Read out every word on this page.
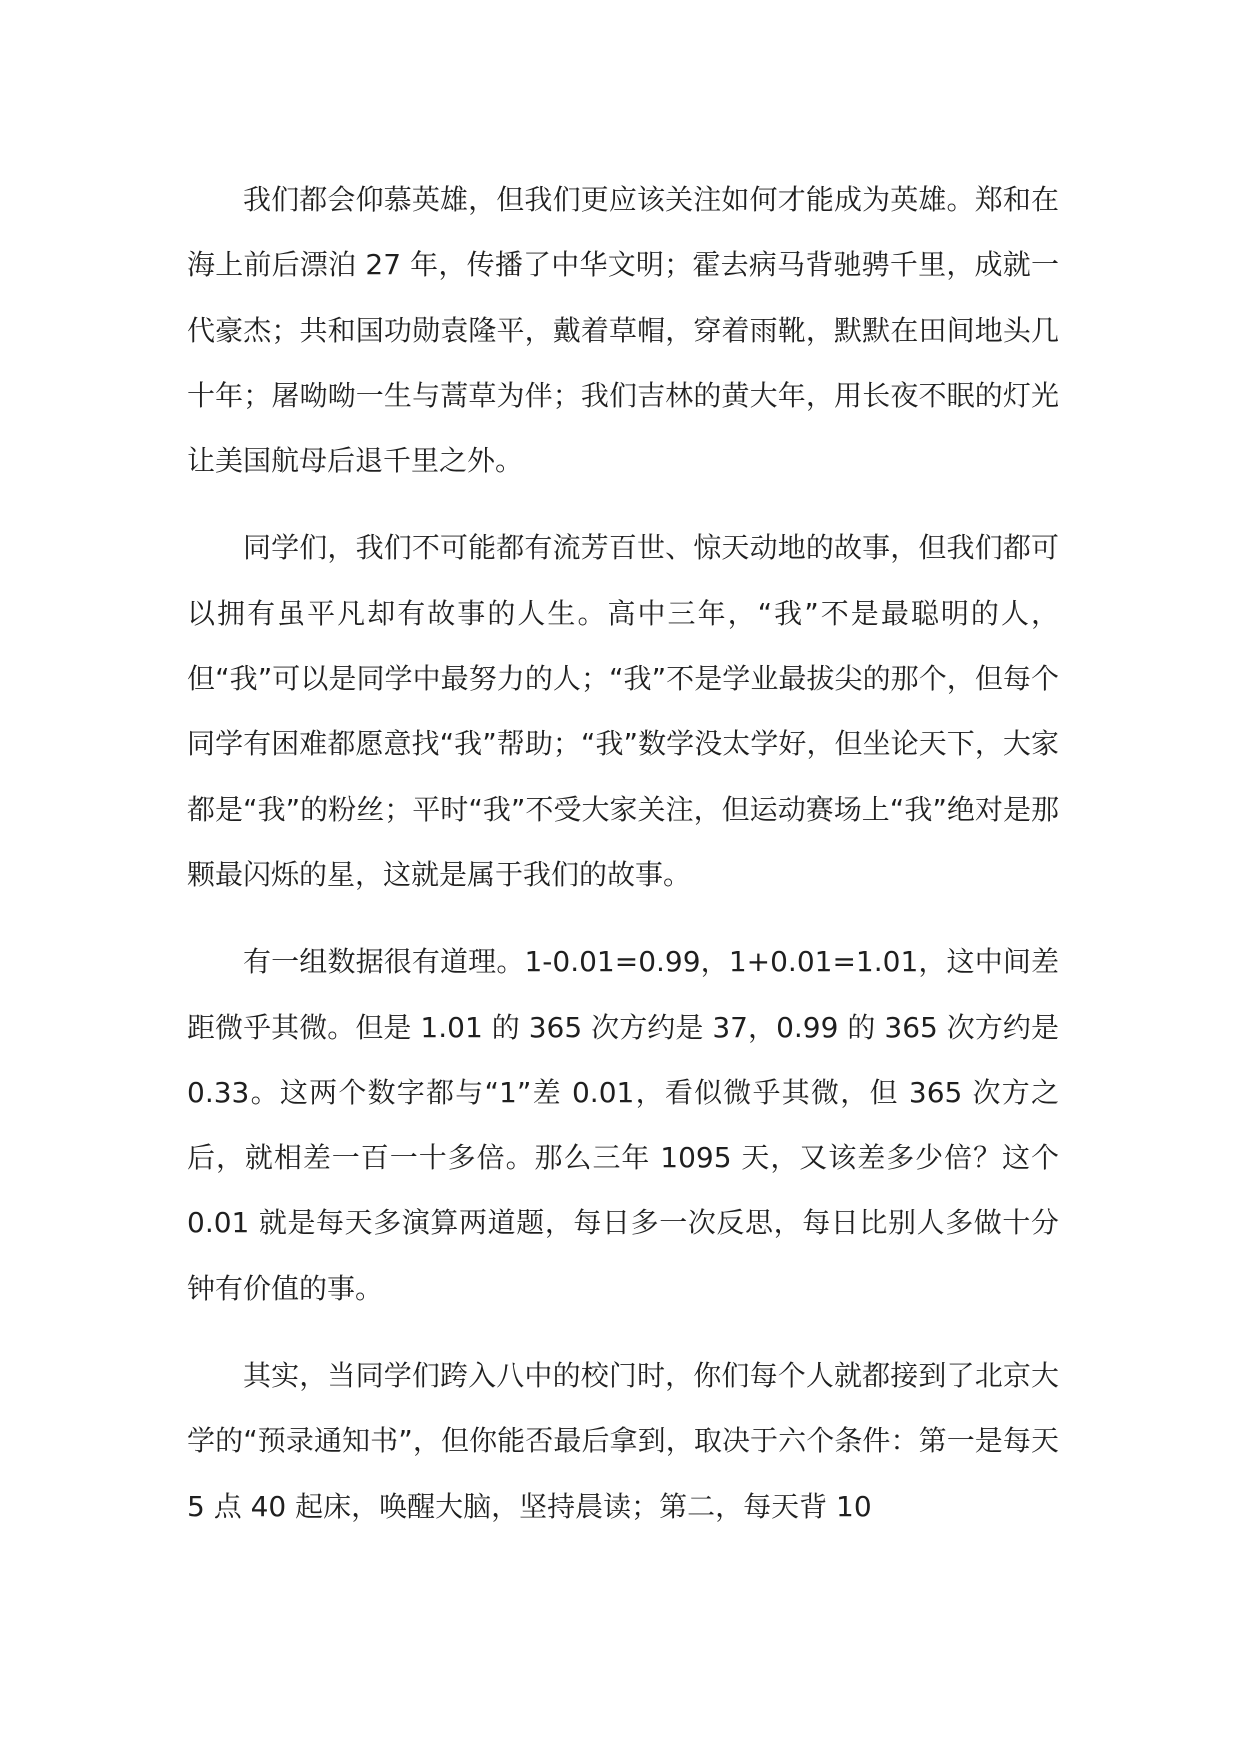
我们都会仰慕英雄，但我们更应该关注如何才能成为英雄。郑和在海上前后漂泊 27 年，传播了中华文明；霍去病马背驰骋千里，成就一代豪杰；共和国功勋袁隆平，戴着草帽，穿着雨靴，默默在田间地头几十年；屠呦呦一生与蒿草为伴；我们吉林的黄大年，用长夜不眠的灯光让美国航母后退千里之外。

同学们，我们不可能都有流芳百世、惊天动地的故事，但我们都可以拥有虽平凡却有故事的人生。高中三年，“我”不是最聪明的人，但“我”可以是同学中最努力的人；“我”不是学业最拔尖的那个，但每个同学有困难都愿意找“我”帮助；“我”数学没太学好，但坐论天下，大家都是“我”的粉丝；平时“我”不受大家关注，但运动赛场上“我”绝对是那颗最闪烁的星，这就是属于我们的故事。

有一组数据很有道理。1-0.01=0.99，1+0.01=1.01，这中间差距微乎其微。但是 1.01 的 365 次方约是 37，0.99 的 365 次方约是 0.33。这两个数字都与“1”差 0.01，看似微乎其微，但 365 次方之后，就相差一百一十多倍。那么三年 1095 天，又该差多少倍？这个 0.01 就是每天多演算两道题，每日多一次反思，每日比别人多做十分钟有价值的事。

其实，当同学们跨入八中的校门时，你们每个人就都接到了北京大学的“预录通知书”，但你能否最后拿到，取决于六个条件：第一是每天 5 点 40 起床，唤醒大脑，坚持晨读；第二，每天背 10
